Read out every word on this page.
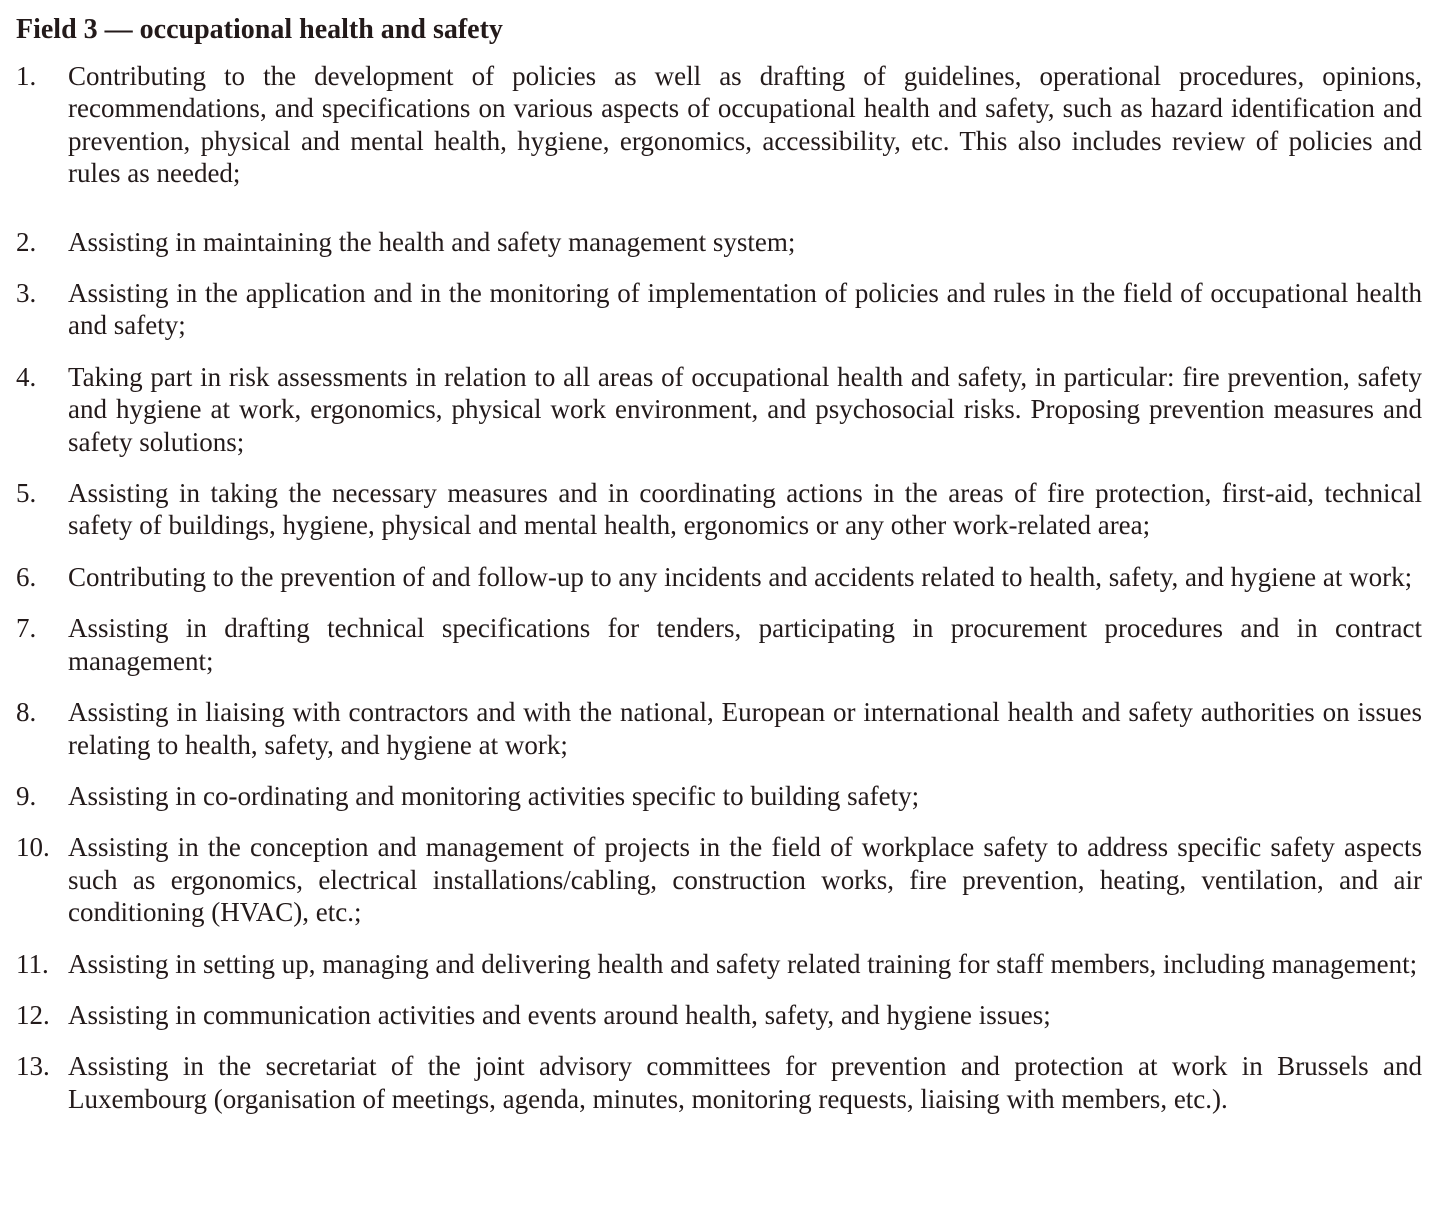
Field 3 — occupational health and safety
1. Contributing to the development of policies as well as drafting of guidelines, operational procedures, opinions, recommendations, and specifications on various aspects of occupational health and safety, such as hazard identification and prevention, physical and mental health, hygiene, ergonomics, accessibility, etc. This also includes review of policies and rules as needed;
2. Assisting in maintaining the health and safety management system;
3. Assisting in the application and in the monitoring of implementation of policies and rules in the field of occupational health and safety;
4. Taking part in risk assessments in relation to all areas of occupational health and safety, in particular: fire prevention, safety and hygiene at work, ergonomics, physical work environment, and psychosocial risks. Proposing prevention measures and safety solutions;
5. Assisting in taking the necessary measures and in coordinating actions in the areas of fire protection, first-aid, technical safety of buildings, hygiene, physical and mental health, ergonomics or any other work-related area;
6. Contributing to the prevention of and follow-up to any incidents and accidents related to health, safety, and hygiene at work;
7. Assisting in drafting technical specifications for tenders, participating in procurement procedures and in contract management;
8. Assisting in liaising with contractors and with the national, European or international health and safety authorities on issues relating to health, safety, and hygiene at work;
9. Assisting in co-ordinating and monitoring activities specific to building safety;
10. Assisting in the conception and management of projects in the field of workplace safety to address specific safety aspects such as ergonomics, electrical installations/cabling, construction works, fire prevention, heating, ventilation, and air conditioning (HVAC), etc.;
11. Assisting in setting up, managing and delivering health and safety related training for staff members, including management;
12. Assisting in communication activities and events around health, safety, and hygiene issues;
13. Assisting in the secretariat of the joint advisory committees for prevention and protection at work in Brussels and Luxembourg (organisation of meetings, agenda, minutes, monitoring requests, liaising with members, etc.).
